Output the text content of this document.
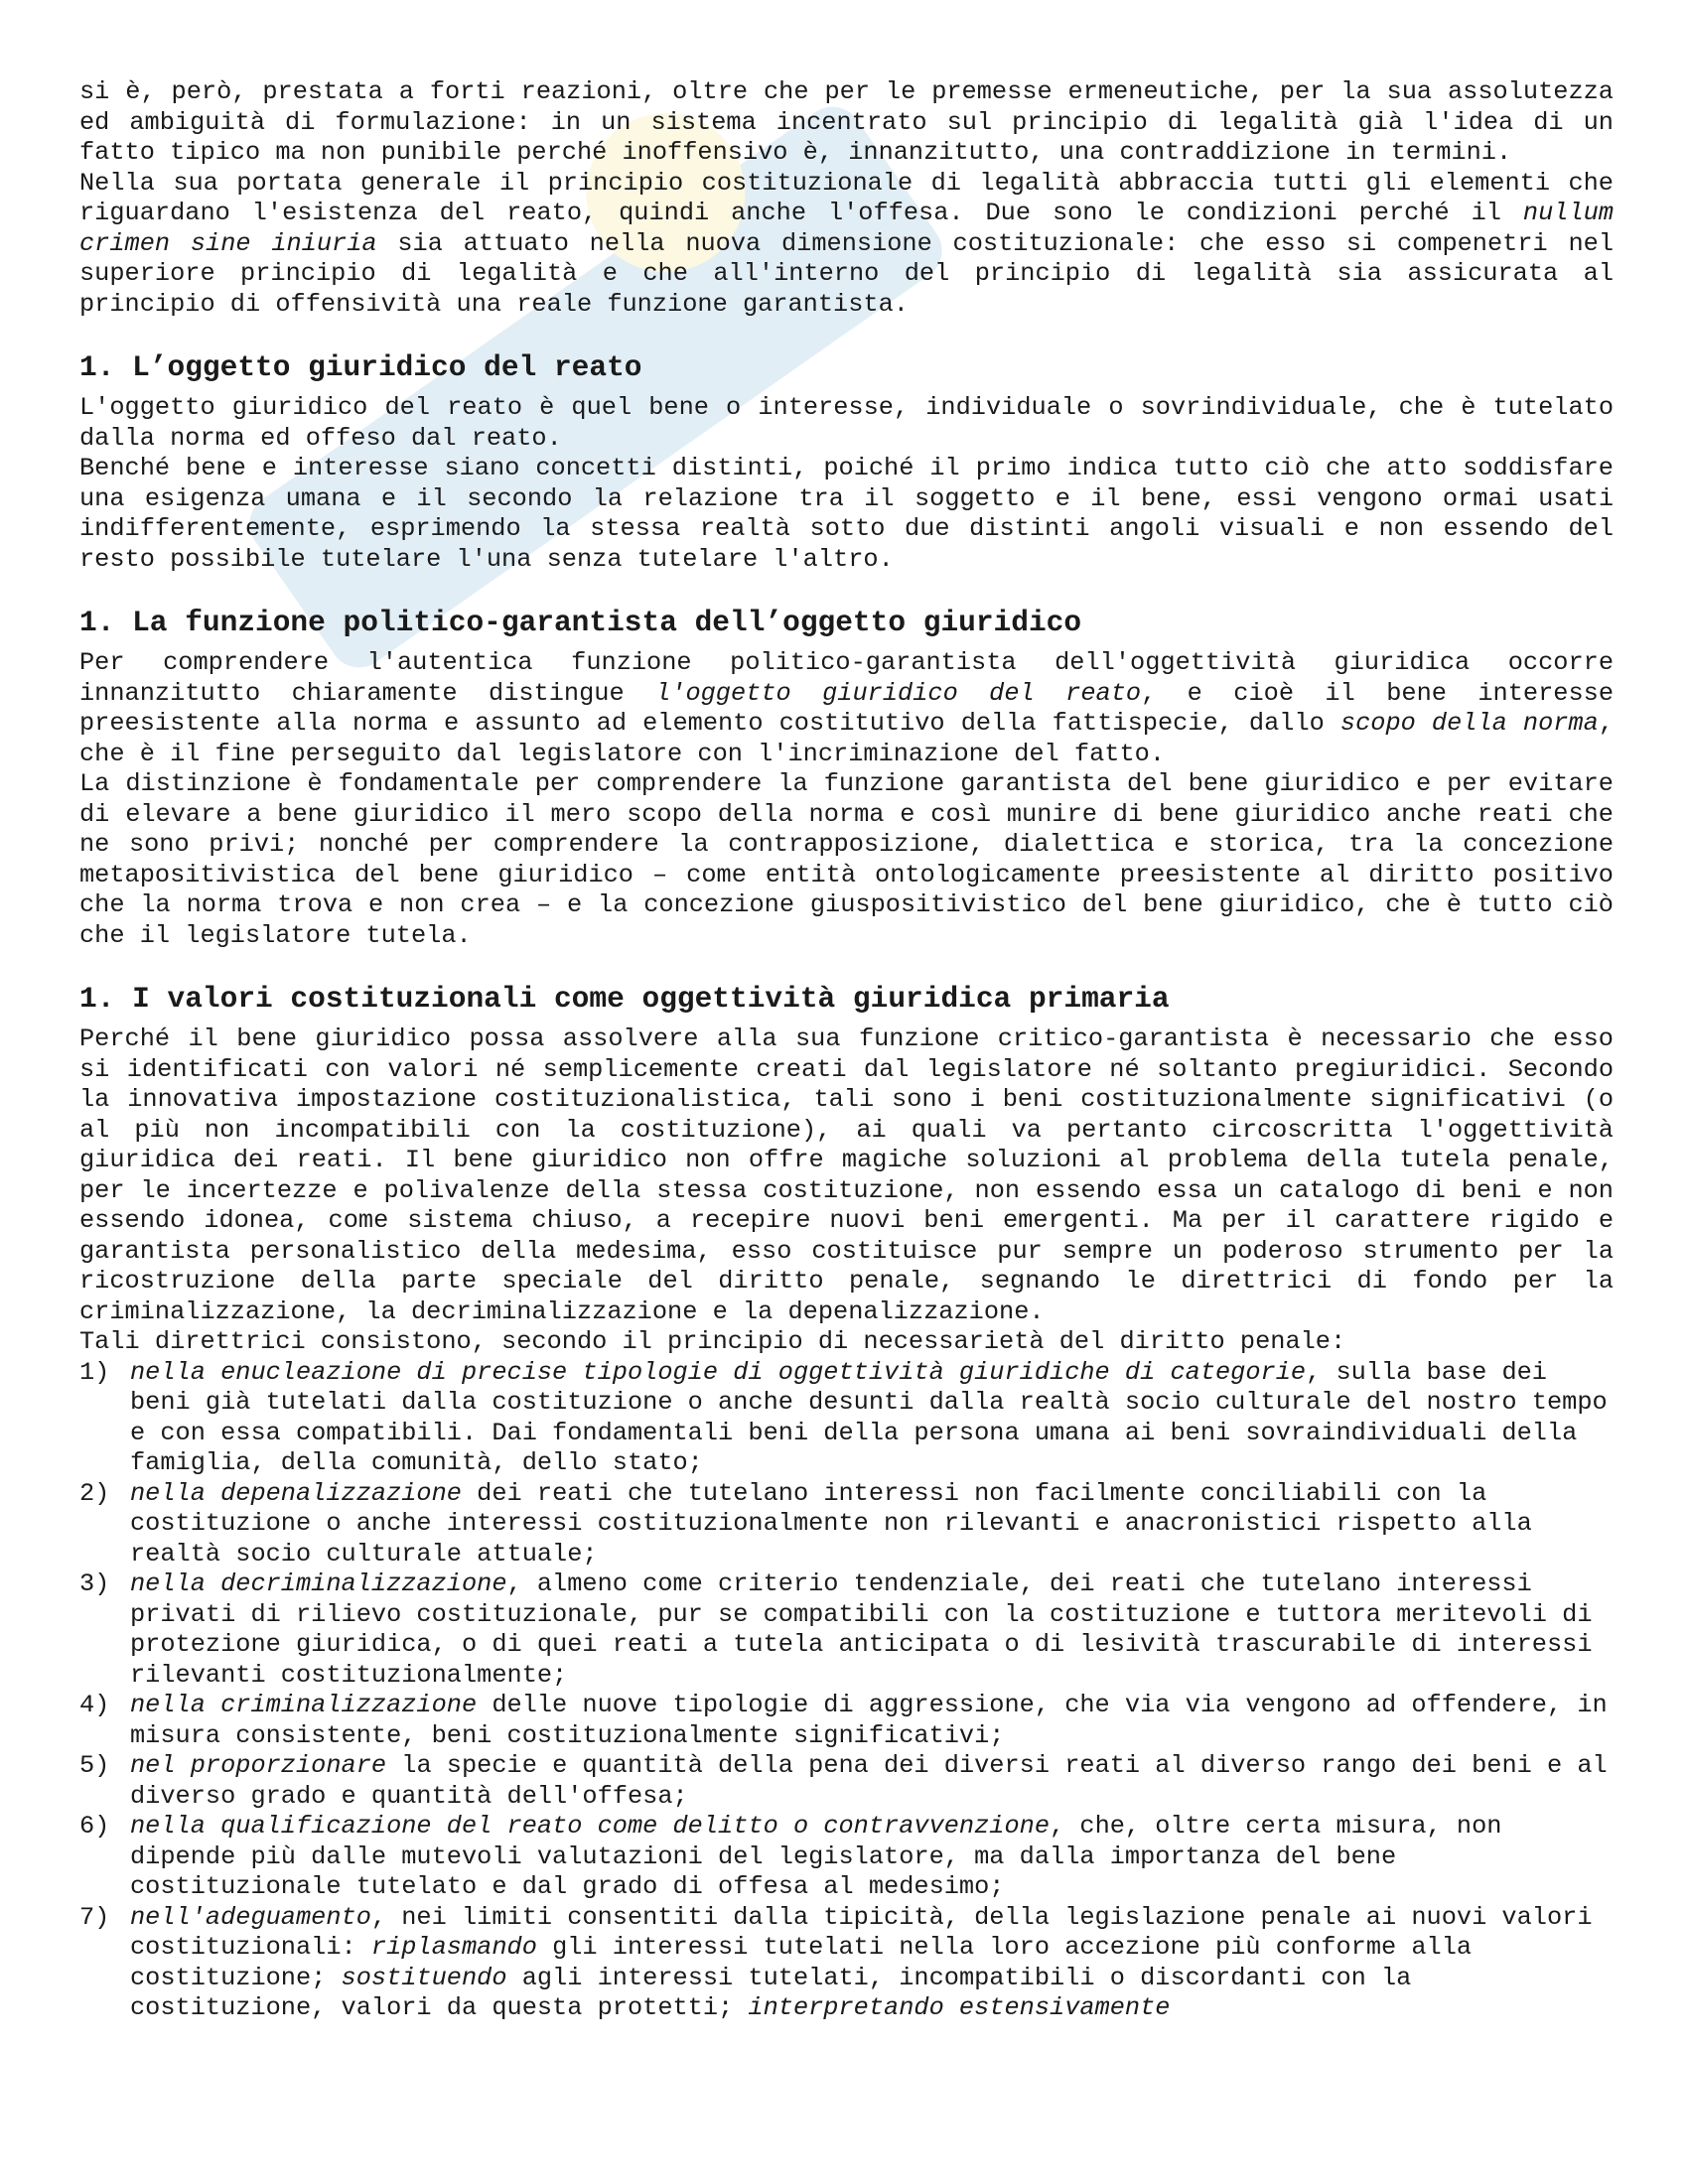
si è, però, prestata a forti reazioni, oltre che per le premesse ermeneutiche, per la sua assolutezza ed ambiguità di formulazione: in un sistema incentrato sul principio di legalità già l'idea di un fatto tipico ma non punibile perché inoffensivo è, innanzitutto, una contraddizione in termini.

Nella sua portata generale il principio costituzionale di legalità abbraccia tutti gli elementi che riguardano l'esistenza del reato, quindi anche l'offesa. Due sono le condizioni perché il nullum crimen sine iniuria sia attuato nella nuova dimensione costituzionale: che esso si compenetri nel superiore principio di legalità e che all'interno del principio di legalità sia assicurata al principio di offensività una reale funzione garantista.

1. L’oggetto giuridico del reato

L'oggetto giuridico del reato è quel bene o interesse, individuale o sovrindividuale, che è tutelato dalla norma ed offeso dal reato.

Benché bene e interesse siano concetti distinti, poiché il primo indica tutto ciò che atto soddisfare una esigenza umana e il secondo la relazione tra il soggetto e il bene, essi vengono ormai usati indifferentemente, esprimendo la stessa realtà sotto due distinti angoli visuali e non essendo del resto possibile tutelare l'una senza tutelare l'altro.

1. La funzione politico-garantista dell’oggetto giuridico

Per comprendere l'autentica funzione politico-garantista dell'oggettività giuridica occorre innanzitutto chiaramente distingue l'oggetto giuridico del reato, e cioè il bene interesse preesistente alla norma e assunto ad elemento costitutivo della fattispecie, dallo scopo della norma, che è il fine perseguito dal legislatore con l'incriminazione del fatto.

La distinzione è fondamentale per comprendere la funzione garantista del bene giuridico e per evitare di elevare a bene giuridico il mero scopo della norma e così munire di bene giuridico anche reati che ne sono privi; nonché per comprendere la contrapposizione, dialettica e storica, tra la concezione metapositivistica del bene giuridico – come entità ontologicamente preesistente al diritto positivo che la norma trova e non crea – e la concezione giuspositivistico del bene giuridico, che è tutto ciò che il legislatore tutela.

1. I valori costituzionali come oggettività giuridica primaria

Perché il bene giuridico possa assolvere alla sua funzione critico-garantista è necessario che esso si identificati con valori né semplicemente creati dal legislatore né soltanto pregiuridici. Secondo la innovativa impostazione costituzionalistica, tali sono i beni costituzionalmente significativi (o al più non incompatibili con la costituzione), ai quali va pertanto circoscritta l'oggettività giuridica dei reati. Il bene giuridico non offre magiche soluzioni al problema della tutela penale, per le incertezze e polivalenze della stessa costituzione, non essendo essa un catalogo di beni e non essendo idonea, come sistema chiuso, a recepire nuovi beni emergenti. Ma per il carattere rigido e garantista personalistico della medesima, esso costituisce pur sempre un poderoso strumento per la ricostruzione della parte speciale del diritto penale, segnando le direttrici di fondo per la criminalizzazione, la decriminalizzazione e la depenalizzazione.

Tali direttrici consistono, secondo il principio di necessarietà del diritto penale:

1) nella enucleazione di precise tipologie di oggettività giuridiche di categorie, sulla base dei beni già tutelati dalla costituzione o anche desunti dalla realtà socio culturale del nostro tempo e con essa compatibili. Dai fondamentali beni della persona umana ai beni sovraindividuali della famiglia, della comunità, dello stato;
2) nella depenalizzazione dei reati che tutelano interessi non facilmente conciliabili con la costituzione o anche interessi costituzionalmente non rilevanti e anacronistici rispetto alla realtà socio culturale attuale;
3) nella decriminalizzazione, almeno come criterio tendenziale, dei reati che tutelano interessi privati di rilievo costituzionale, pur se compatibili con la costituzione e tuttora meritevoli di protezione giuridica, o di quei reati a tutela anticipata o di lesività trascurabile di interessi rilevanti costituzionalmente;
4) nella criminalizzazione delle nuove tipologie di aggressione, che via via vengono ad offendere, in misura consistente, beni costituzionalmente significativi;
5) nel proporzionare la specie e quantità della pena dei diversi reati al diverso rango dei beni e al diverso grado e quantità dell'offesa;
6) nella qualificazione del reato come delitto o contravvenzione, che, oltre certa misura, non dipende più dalle mutevoli valutazioni del legislatore, ma dalla importanza del bene costituzionale tutelato e dal grado di offesa al medesimo;
7) nell'adeguamento, nei limiti consentiti dalla tipicità, della legislazione penale ai nuovi valori costituzionali: riplasmando gli interessi tutelati nella loro accezione più conforme alla costituzione; sostituendo agli interessi tutelati, incompatibili o discordanti con la costituzione, valori da questa protetti; interpretando estensivamente
